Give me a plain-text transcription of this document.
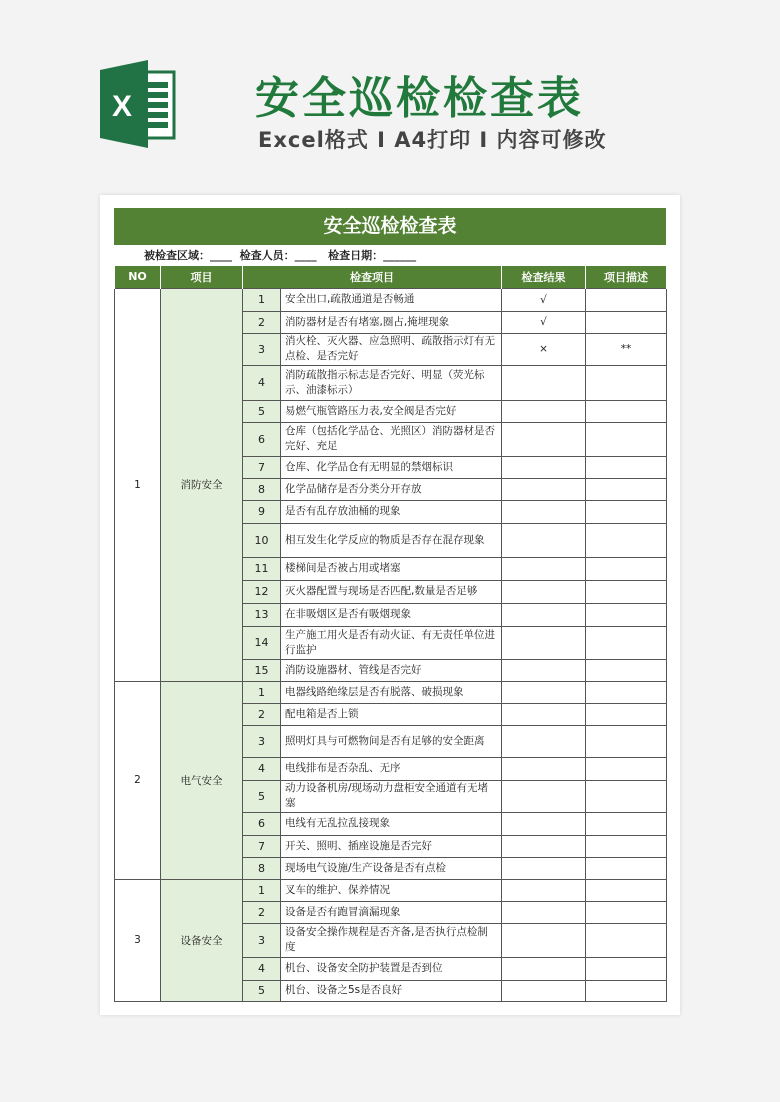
X	安全巡检检查表
Excel格式 I A4打印 I 内容可修改
安全巡检检查表
被检查区域：____  检查人员：____   检查日期：______
NO	项目	检查项目		检查结果	项目描述
1	消防安全	1	安全出口,疏散通道是否畅通	√	
		2	消防器材是否有堵塞,圈占,掩埋现象	√	
		3	消火栓、灭火器、应急照明、疏散指示灯有无点检、是否完好	×	**
		4	消防疏散指示标志是否完好、明显（荧光标示、油漆标示）		
		5	易燃气瓶管路压力表,安全阀是否完好		
		6	仓库（包括化学品仓、光照区）消防器材是否完好、充足		
		7	仓库、化学品仓有无明显的禁烟标识		
		8	化学品储存是否分类分开存放		
		9	是否有乱存放油桶的现象		
		10	相互发生化学反应的物质是否存在混存现象		
		11	楼梯间是否被占用或堵塞		
		12	灭火器配置与现场是否匹配,数量是否足够		
		13	在非吸烟区是否有吸烟现象		
		14	生产施工用火是否有动火证、有无责任单位进行监护		
		15	消防设施器材、管线是否完好		
2	电气安全	1	电器线路绝缘层是否有脱落、破损现象		
		2	配电箱是否上锁		
		3	照明灯具与可燃物间是否有足够的安全距离		
		4	电线排布是否杂乱、无序		
		5	动力设备机房/现场动力盘柜安全通道有无堵塞		
		6	电线有无乱拉乱接现象		
		7	开关、照明、插座设施是否完好		
		8	现场电气设施/生产设备是否有点检		
3	设备安全	1	叉车的维护、保养情况		
		2	设备是否有跑冒滴漏现象		
		3	设备安全操作规程是否齐备,是否执行点检制度		
		4	机台、设备安全防护装置是否到位		
		5	机台、设备之5s是否良好		
